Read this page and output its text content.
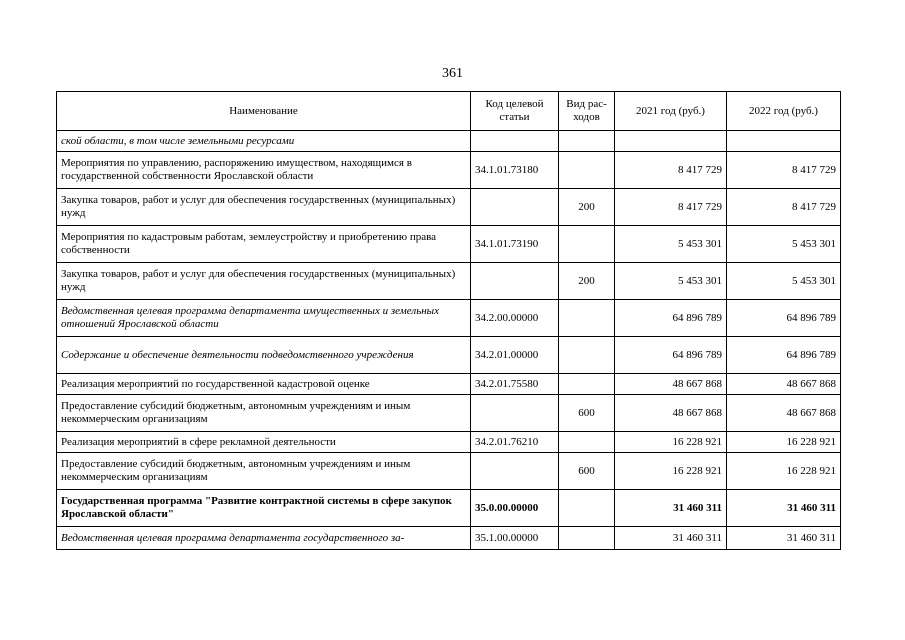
361
Наименование	Код целевой статьи	Вид рас-ходов	2021 год (руб.)	2022 год (руб.)
ской области, в том числе земельными ресурсами				
Мероприятия по управлению, распоряжению имуществом, находящимся в государственной собственности Ярославской области	34.1.01.73180		8 417 729	8 417 729
Закупка товаров, работ и услуг для обеспечения государственных (муниципальных) нужд		200	8 417 729	8 417 729
Мероприятия по кадастровым работам, землеустройству и приобретению права собственности	34.1.01.73190		5 453 301	5 453 301
Закупка товаров, работ и услуг для обеспечения государственных (муниципальных) нужд		200	5 453 301	5 453 301
Ведомственная целевая программа департамента имущественных и земельных отношений Ярославской области	34.2.00.00000		64 896 789	64 896 789
Содержание и обеспечение деятельности подведомственного учреждения	34.2.01.00000		64 896 789	64 896 789
Реализация мероприятий по государственной кадастровой оценке	34.2.01.75580		48 667 868	48 667 868
Предоставление субсидий бюджетным, автономным учреждениям и иным некоммерческим организациям		600	48 667 868	48 667 868
Реализация мероприятий в сфере рекламной деятельности	34.2.01.76210		16 228 921	16 228 921
Предоставление субсидий бюджетным, автономным учреждениям и иным некоммерческим организациям		600	16 228 921	16 228 921
Государственная программа "Развитие контрактной системы в сфере закупок Ярославской области"	35.0.00.00000		31 460 311	31 460 311
Ведомственная целевая программа департамента государственного за-	35.1.00.00000		31 460 311	31 460 311
